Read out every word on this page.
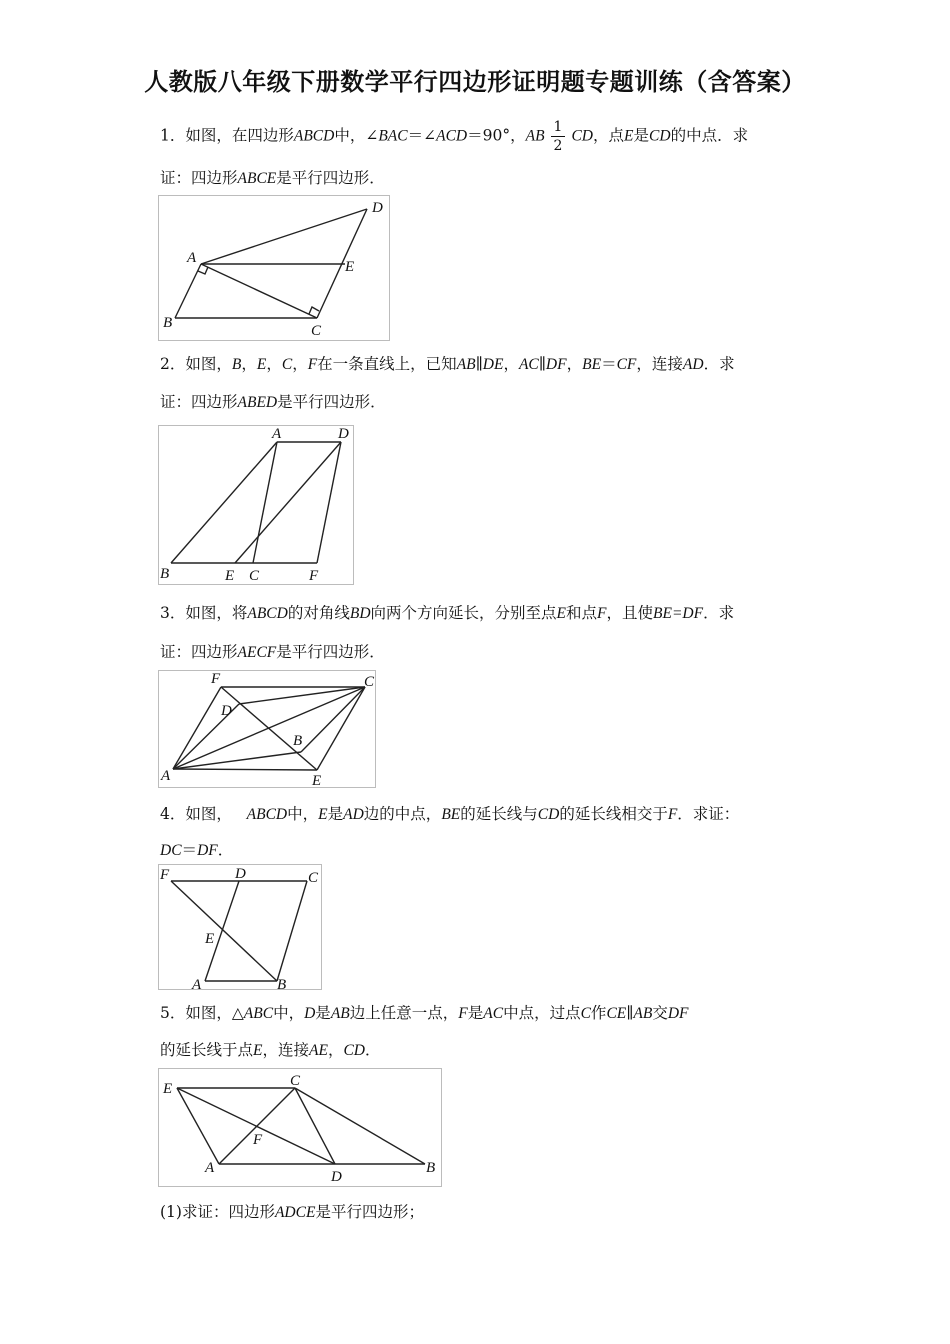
人教版八年级下册数学平行四边形证明题专题训练（含答案）
1．如图，在四边形ABCD中，∠BAC＝∠ACD＝90°，AB $\frac{1}{2}$ CD，点E是CD的中点．求
证：四边形ABCE是平行四边形．
A
B	C
D
E
2．如图，B，E，C，F在一条直线上，已知AB∥DE，AC∥DF，BE＝CF，连接AD．求
证：四边形ABED是平行四边形．
A	D
B	E C	F
3．如图，将ABCD的对角线BD向两个方向延长，分别至点E和点F，且使BE=DF．求
证：四边形AECF是平行四边形．
F	C
D
B
A	E
4．如图， ABCD中，E是AD边的中点，BE的延长线与CD的延长线相交于F．求证：
DC＝DF．
F	D	C
E
A	B
5．如图，△ABC中，D是AB边上任意一点，F是AC中点，过点C作CE∥AB交DF
的延长线于点E，连接AE，CD．
E	C
F
A
D
B
(1)求证：四边形ADCE是平行四边形；
